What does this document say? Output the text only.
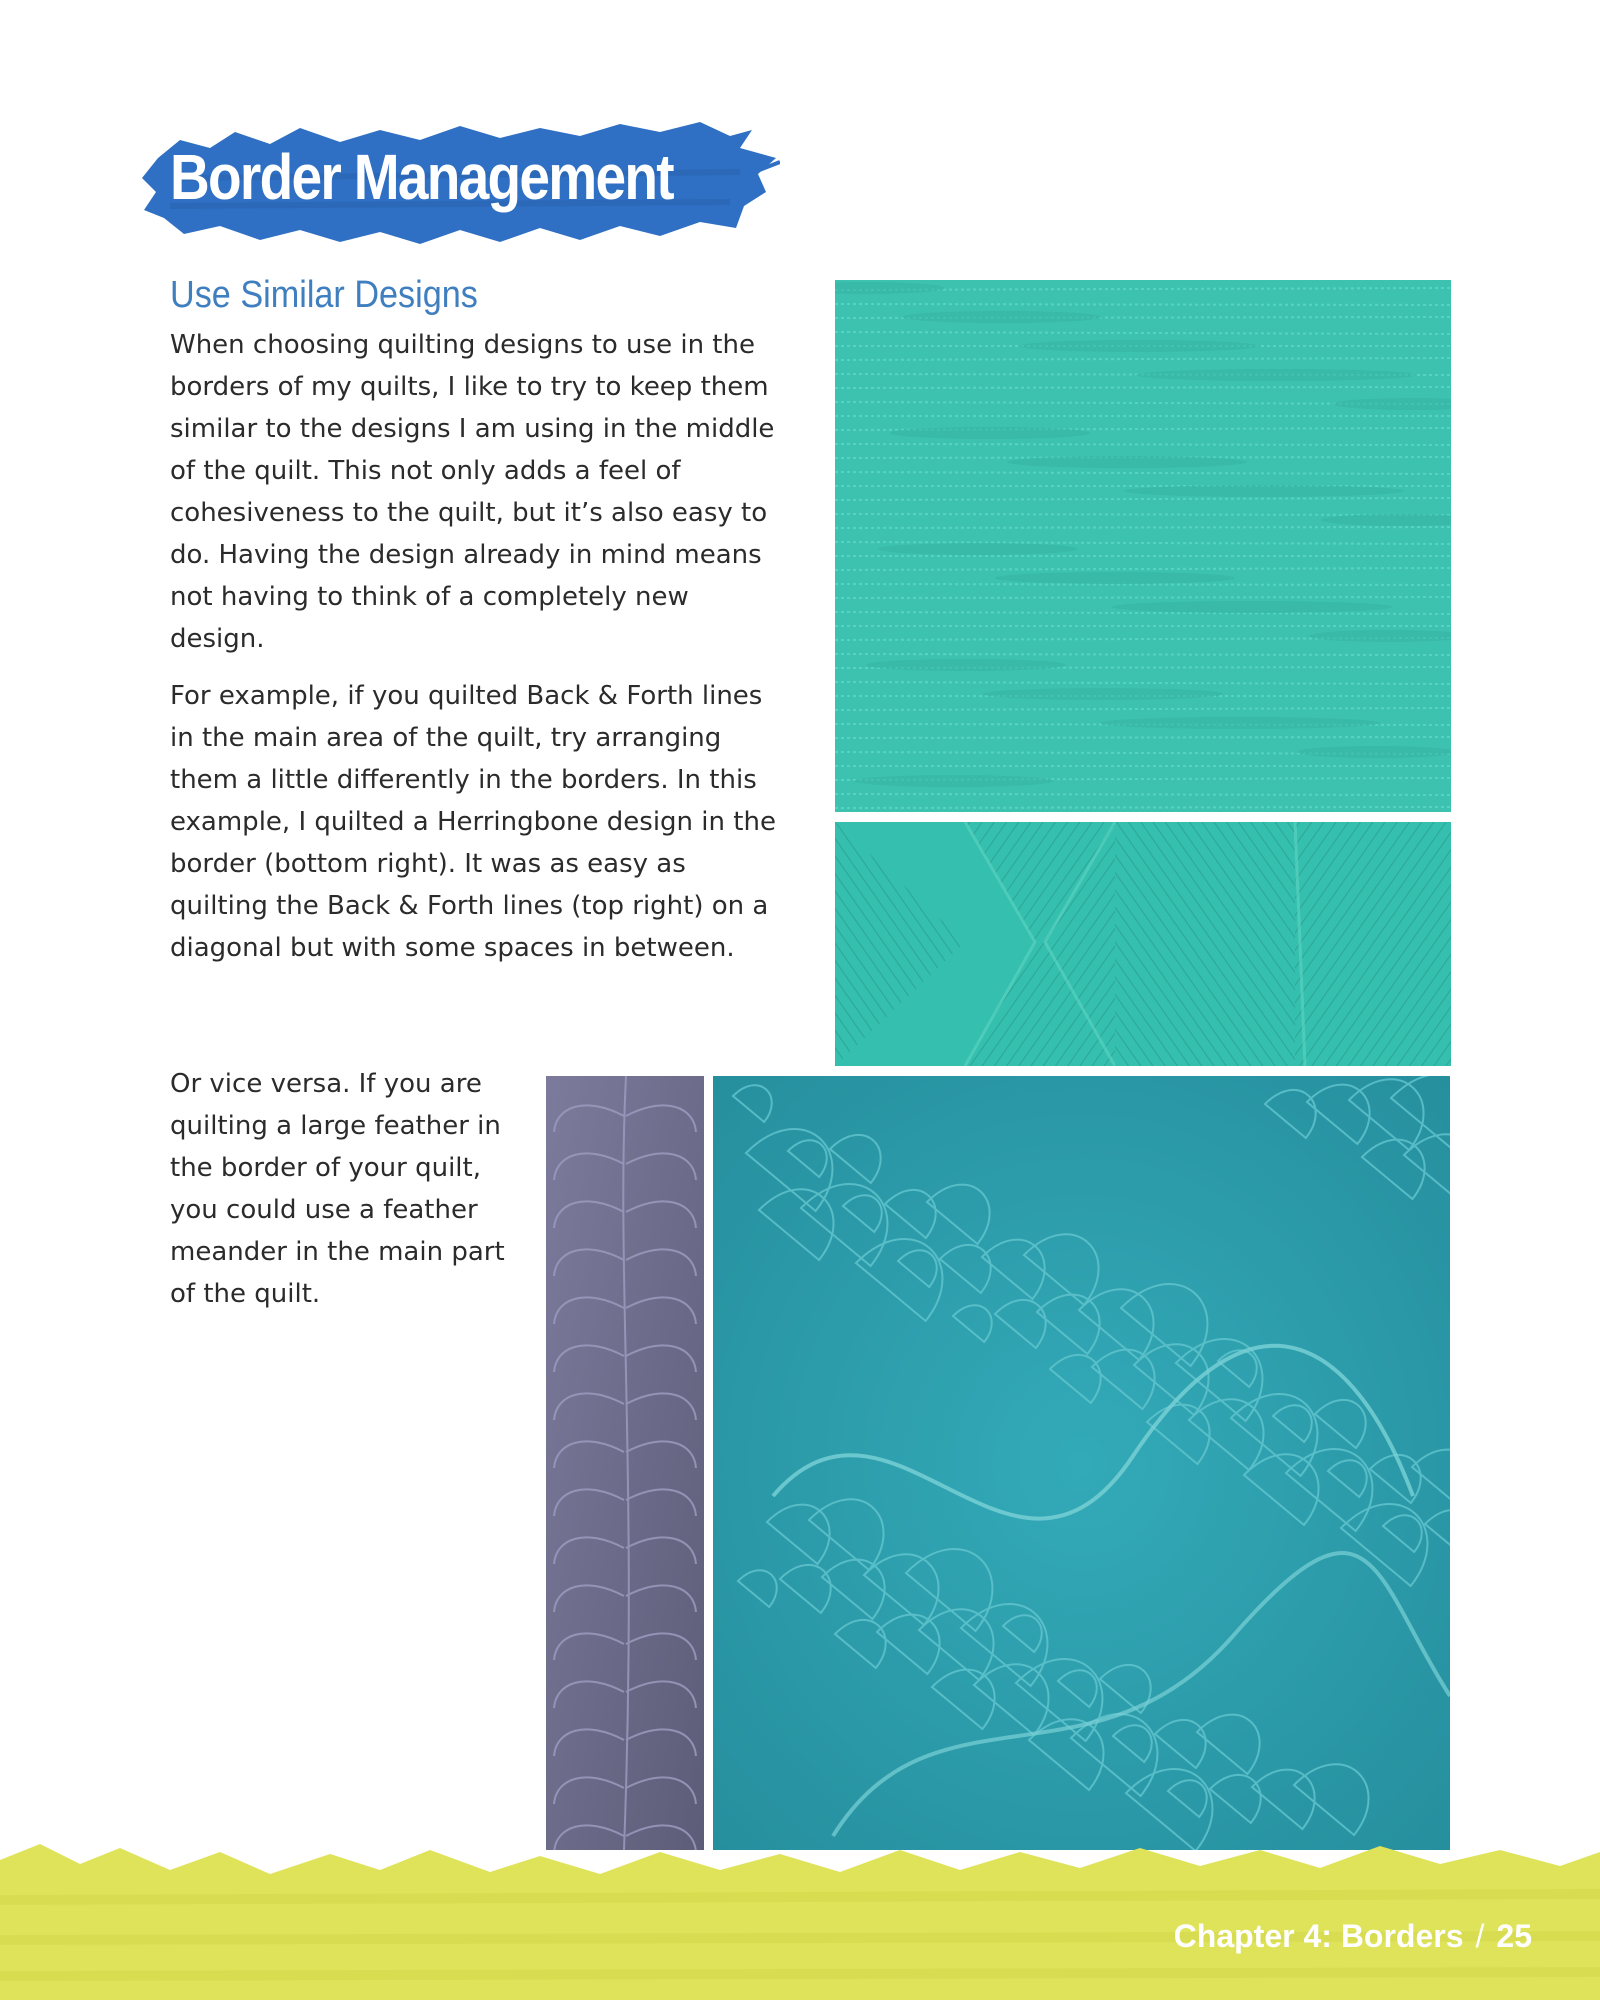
Border Management
Use Similar Designs

When choosing quilting designs to use in the borders of my quilts, I like to try to keep them similar to the designs I am using in the middle of the quilt. This not only adds a feel of cohesiveness to the quilt, but it’s also easy to do. Having the design already in mind means not having to think of a completely new design.

For example, if you quilted Back & Forth lines in the main area of the quilt, try arranging them a little differently in the borders. In this example, I quilted a Herringbone design in the border (bottom right). It was as easy as quilting the Back & Forth lines (top right) on a diagonal but with some spaces in between.

Or vice versa. If you are quilting a large feather in the border of your quilt, you could use a feather meander in the main part of the quilt.

Chapter 4: Borders / 25
